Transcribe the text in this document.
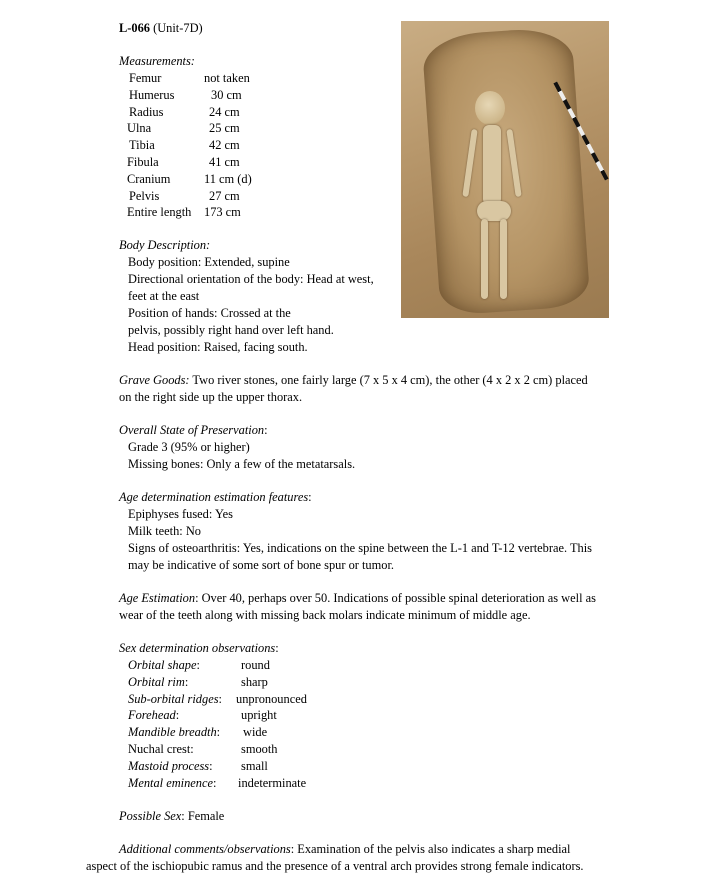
L-066 (Unit-7D)
Measurements:
Femur	not taken
Humerus	30 cm
Radius	24 cm
Ulna	25 cm
Tibia	42 cm
Fibula	41 cm
Cranium	11 cm (d)
Pelvis	27 cm
Entire length 173 cm
Body Description:
Body position: Extended, supine
Directional orientation of the body: Head at west,
feet at the east
Position of hands: Crossed at the
pelvis, possibly right hand over left hand.
Head position: Raised, facing south.
Grave Goods: Two river stones, one fairly large (7 x 5 x 4 cm), the other (4 x 2 x 2 cm) placed
on the right side up the upper thorax.
Overall State of Preservation:
Grade 3 (95% or higher)
Missing bones: Only a few of the metatarsals.
Age determination estimation features:
Epiphyses fused: Yes
Milk teeth: No
Signs of osteoarthritis: Yes, indications on the spine between the L-1 and T-12 vertebrae. This
may be indicative of some sort of bone spur or tumor.
Age Estimation: Over 40, perhaps over 50. Indications of possible spinal deterioration as well as
wear of the teeth along with missing back molars indicate minimum of middle age.
Sex determination observations:
Orbital shape:	round
Orbital rim:	sharp
Sub-orbital ridges: unpronounced
Forehead:	upright
Mandible breadth: wide
Nuchal crest:	smooth
Mastoid process: small
Mental eminence: indeterminate
Possible Sex: Female
Additional comments/observations: Examination of the pelvis also indicates a sharp medial
aspect of the ischiopubic ramus and the presence of a ventral arch provides strong female indicators.
